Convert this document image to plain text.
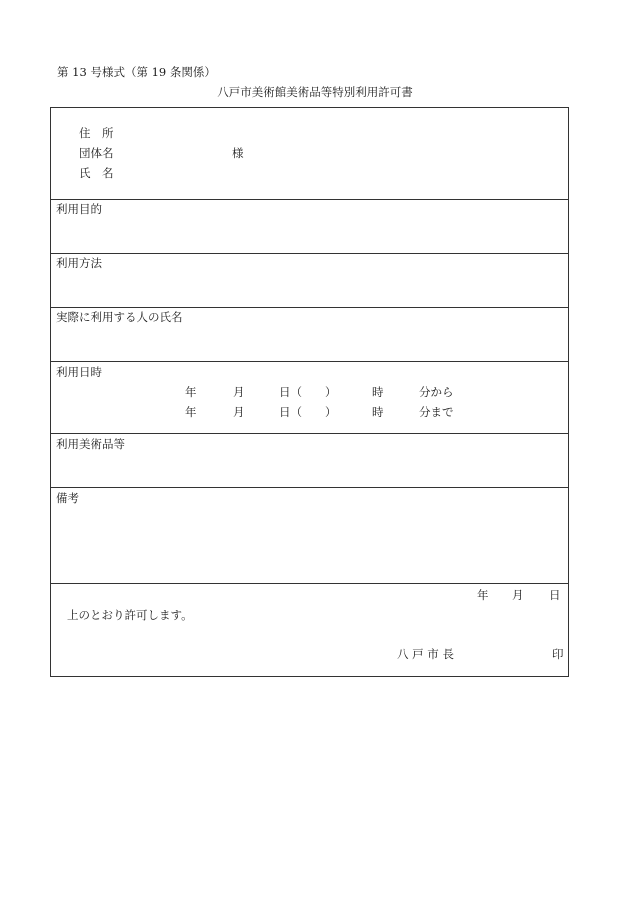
第 13 号様式（第 19 条関係）
八戸市美術館美術品等特別利用許可書
住　所
団体名	様
氏　名
利用目的
利用方法
実際に利用する人の氏名
利用日時
年	月	日（　　）	時	分から
年	月	日（　　）	時	分まで
利用美術品等
備考
年 月 日
上のとおり許可します。
八 戸 市 長	印
